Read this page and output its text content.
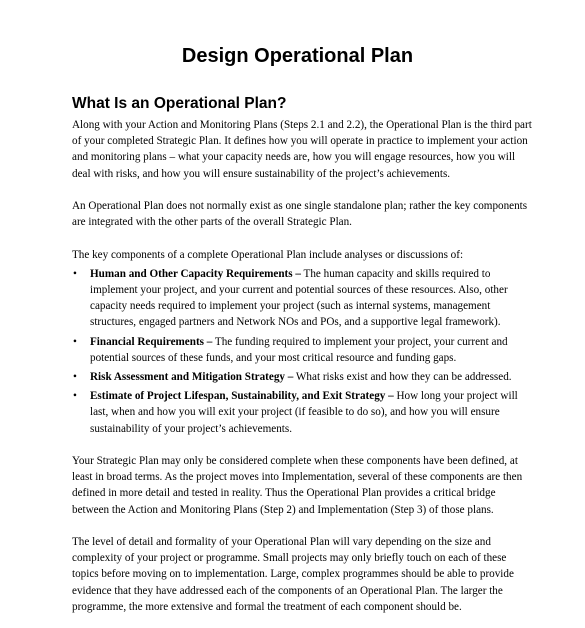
Design Operational Plan
What Is an Operational Plan?

Along with your Action and Monitoring Plans (Steps 2.1 and 2.2), the Operational Plan is the third part of your completed Strategic Plan. It defines how you will operate in practice to implement your action and monitoring plans – what your capacity needs are, how you will engage resources, how you will deal with risks, and how you will ensure sustainability of the project’s achievements.

An Operational Plan does not normally exist as one single standalone plan; rather the key components are integrated with the other parts of the overall Strategic Plan.

The key components of a complete Operational Plan include analyses or discussions of:

• Human and Other Capacity Requirements – The human capacity and skills required to implement your project, and your current and potential sources of these resources. Also, other capacity needs required to implement your project (such as internal systems, management structures, engaged partners and Network NOs and POs, and a supportive legal framework).
• Financial Requirements – The funding required to implement your project, your current and potential sources of these funds, and your most critical resource and funding gaps.
• Risk Assessment and Mitigation Strategy – What risks exist and how they can be addressed.
• Estimate of Project Lifespan, Sustainability, and Exit Strategy – How long your project will last, when and how you will exit your project (if feasible to do so), and how you will ensure sustainability of your project’s achievements.

Your Strategic Plan may only be considered complete when these components have been defined, at least in broad terms. As the project moves into Implementation, several of these components are then defined in more detail and tested in reality. Thus the Operational Plan provides a critical bridge between the Action and Monitoring Plans (Step 2) and Implementation (Step 3) of those plans.

The level of detail and formality of your Operational Plan will vary depending on the size and complexity of your project or programme. Small projects may only briefly touch on each of these topics before moving on to implementation. Large, complex programmes should be able to provide evidence that they have addressed each of the components of an Operational Plan. The larger the programme, the more extensive and formal the treatment of each component should be.
